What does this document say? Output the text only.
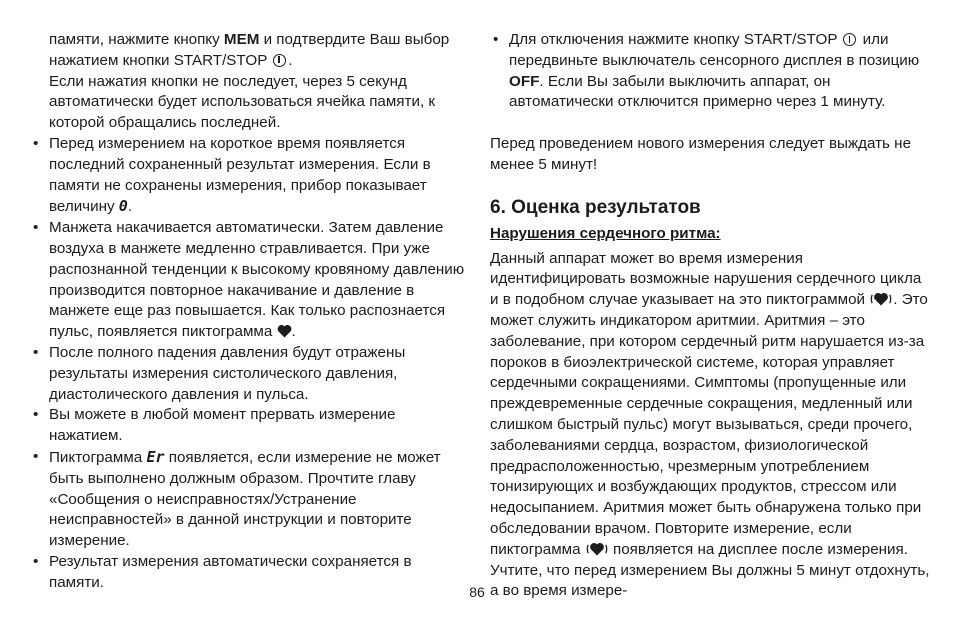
памяти, нажмите кнопку MEM и подтвердите Ваш выбор нажатием кнопки START/STOP .

Если нажатия кнопки не последует, через 5 секунд автоматически будет использоваться ячейка памяти, к которой обращались последней.

• Перед измерением на короткое время появляется последний сохраненный результат измерения. Если в памяти не сохранены измерения, прибор показывает величину 0.

• Манжета накачивается автоматически. Затем давление воздуха в манжете медленно стравливается. При уже распознанной тенденции к высокому кровяному давлению производится повторное накачивание и давление в манжете еще раз повышается. Как только распознается пульс, появляется пиктограмма .

• После полного падения давления будут отражены результаты измерения систолического давления, диастолического давления и пульса.

• Вы можете в любой момент прервать измерение нажатием.

• Пиктограмма Er появляется, если измерение не может быть выполнено должным образом. Прочтите главу «Сообщения о неисправностях/Устранение неисправностей» в данной инструкции и повторите измерение.

• Результат измерения автоматически сохраняется в памяти.

• Для отключения нажмите кнопку START/STOP  или передвиньте выключатель сенсорного дисплея в позицию OFF. Если Вы забыли выключить аппарат, он автоматически отключится примерно через 1 минуту.

Перед проведением нового измерения следует выждать не менее 5 минут!

6. Оценка результатов

Нарушения сердечного ритма:

Данный аппарат может во время измерения идентифицировать возможные нарушения сердечного цикла и в подобном случае указывает на это пиктограммой . Это может служить индикатором аритмии. Аритмия – это заболевание, при котором сердечный ритм нарушается из-за пороков в биоэлектрической системе, которая управляет сердечными сокращениями. Симптомы (пропущенные или преждевременные сердечные сокращения, медленный или слишком быстрый пульс) могут вызываться, среди прочего, заболеваниями сердца, возрастом, физиологической предрасположенностью, чрезмерным употреблением тонизирующих и возбуждающих продуктов, стрессом или недосыпанием. Аритмия может быть обнаружена только при обследовании врачом. Повторите измерение, если пиктограмма  появляется на дисплее после измерения. Учтите, что перед измерением Вы должны 5 минут отдохнуть, а во время измере-

86
